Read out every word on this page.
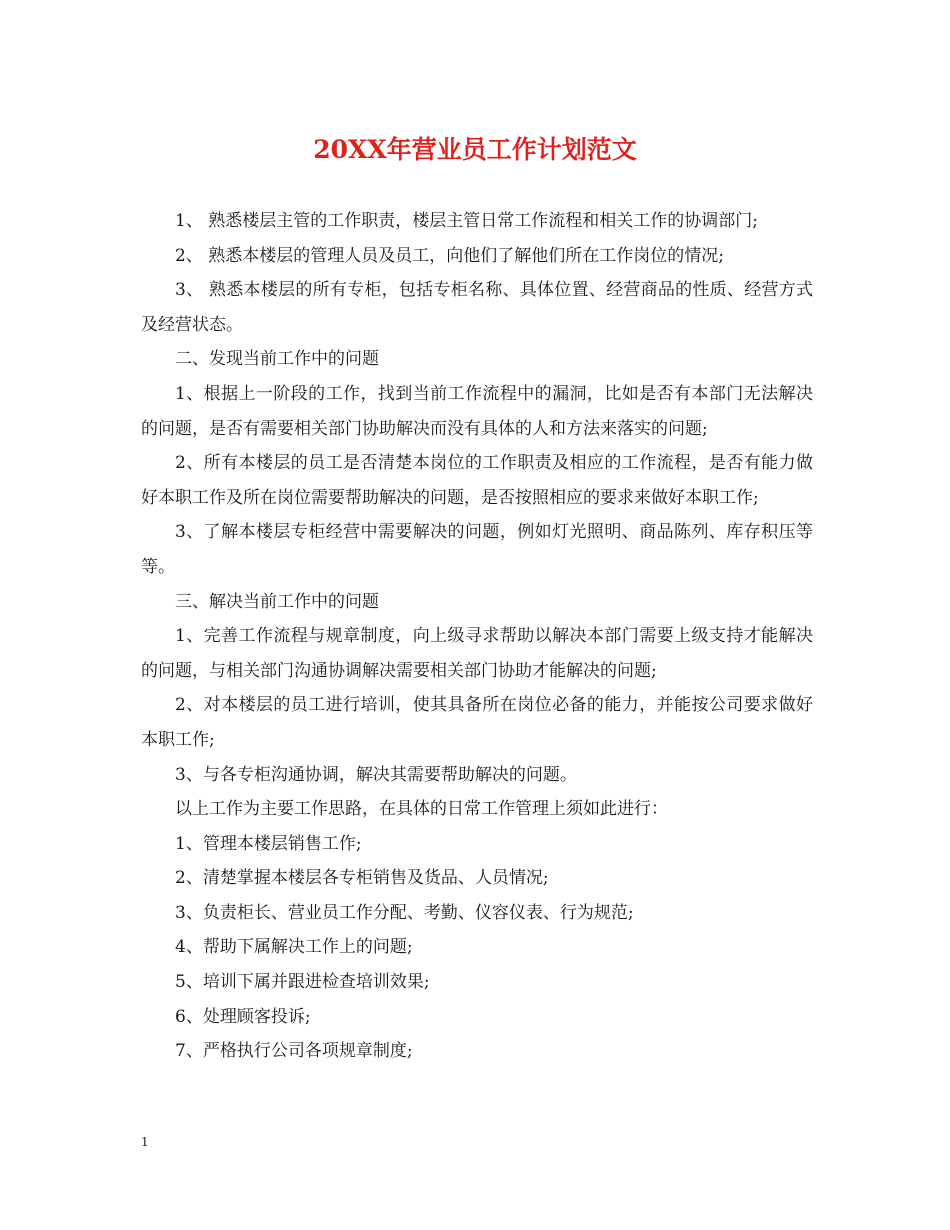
20XX年营业员工作计划范文

1、 熟悉楼层主管的工作职责，楼层主管日常工作流程和相关工作的协调部门;

2、 熟悉本楼层的管理人员及员工，向他们了解他们所在工作岗位的情况;

3、 熟悉本楼层的所有专柜，包括专柜名称、具体位置、经营商品的性质、经营方式及经营状态。

二、发现当前工作中的问题

1、根据上一阶段的工作，找到当前工作流程中的漏洞，比如是否有本部门无法解决的问题，是否有需要相关部门协助解决而没有具体的人和方法来落实的问题;

2、所有本楼层的员工是否清楚本岗位的工作职责及相应的工作流程，是否有能力做好本职工作及所在岗位需要帮助解决的问题，是否按照相应的要求来做好本职工作;

3、了解本楼层专柜经营中需要解决的问题，例如灯光照明、商品陈列、库存积压等等。

三、解决当前工作中的问题

1、完善工作流程与规章制度，向上级寻求帮助以解决本部门需要上级支持才能解决的问题，与相关部门沟通协调解决需要相关部门协助才能解决的问题;

2、对本楼层的员工进行培训，使其具备所在岗位必备的能力，并能按公司要求做好本职工作;

3、与各专柜沟通协调，解决其需要帮助解决的问题。

以上工作为主要工作思路，在具体的日常工作管理上须如此进行：

1、管理本楼层销售工作;

2、清楚掌握本楼层各专柜销售及货品、人员情况;

3、负责柜长、营业员工作分配、考勤、仪容仪表、行为规范;

4、帮助下属解决工作上的问题;

5、培训下属并跟进检查培训效果;

6、处理顾客投诉;

7、严格执行公司各项规章制度;

1
